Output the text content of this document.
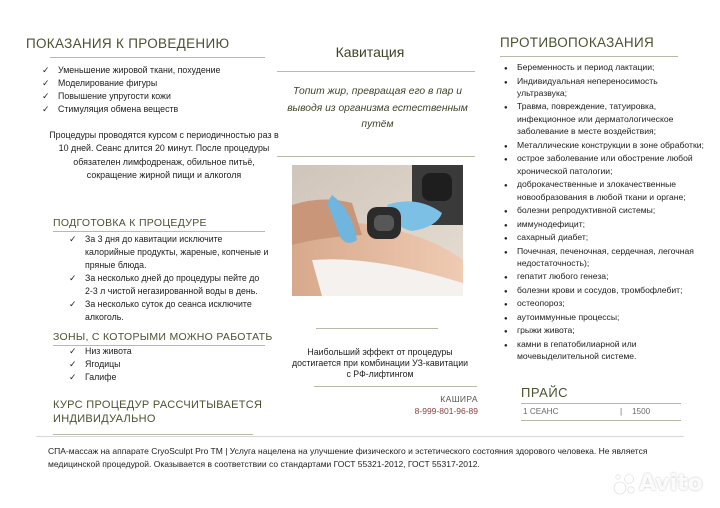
ПОКАЗАНИЯ К ПРОВЕДЕНИЮ
✓ Уменьшение жировой ткани, похудение
✓ Моделирование фигуры
✓ Повышение упругости кожи
✓ Стимуляция обмена веществ
Процедуры проводятся курсом с периодичностью раз в 10 дней. Сеанс длится 20 минут. После процедуры обязателен лимфодренаж, обильное питьё, сокращение жирной пищи и алкоголя
ПОДГОТОВКА К ПРОЦЕДУРЕ
✓ За 3 дня до кавитации исключите калорийные продукты, жареные, копченые и пряные блюда.
✓ За несколько дней до процедуры пейте до 2-3 л чистой негазированной воды в день.
✓ За несколько суток до сеанса исключите алкоголь.
ЗОНЫ, С КОТОРЫМИ МОЖНО РАБОТАТЬ
✓ Низ живота
✓ Ягодицы
✓ Галифе
КУРС ПРОЦЕДУР РАССЧИТЫВАЕТСЯ ИНДИВИДУАЛЬНО
Кавитация
Топит жир, превращая его в пар и выводя из организма естественным путём
Наибольший эффект от процедуры достигается при комбинации УЗ-кавитации с РФ-лифтингом
КАШИРА
8-999-801-96-89
ПРОТИВОПОКАЗАНИЯ
● Беременность и период лактации;
● Индивидуальная непереносимость ультразвука;
● Травма, повреждение, татуировка, инфекционное или дерматологическое заболевание в месте воздействия;
● Металлические конструкции в зоне обработки;
● острое заболевание или обострение любой хронической патологии;
● доброкачественные и злокачественные новообразования в любой ткани и органе;
● болезни репродуктивной системы;
● иммунодефицит;
● сахарный диабет;
● Почечная, печеночная, сердечная, легочная недостаточность);
● гепатит любого генеза;
● болезни крови и сосудов, тромбофлебит;
● остеопороз;
● аутоиммунные процессы;
● грыжи живота;
● камни в гепатобилиарной или мочевыделительной системе.
ПРАЙС
1 СЕАНС	| 1500
СПА-массаж на аппарате CryoSculpt Pro TM | Услуга нацелена на улучшение физического и эстетического состояния здорового человека. Не является медицинской процедурой. Оказывается в соответствии со стандартами ГОСТ 55321-2012, ГОСТ 55317-2012.
Avito
